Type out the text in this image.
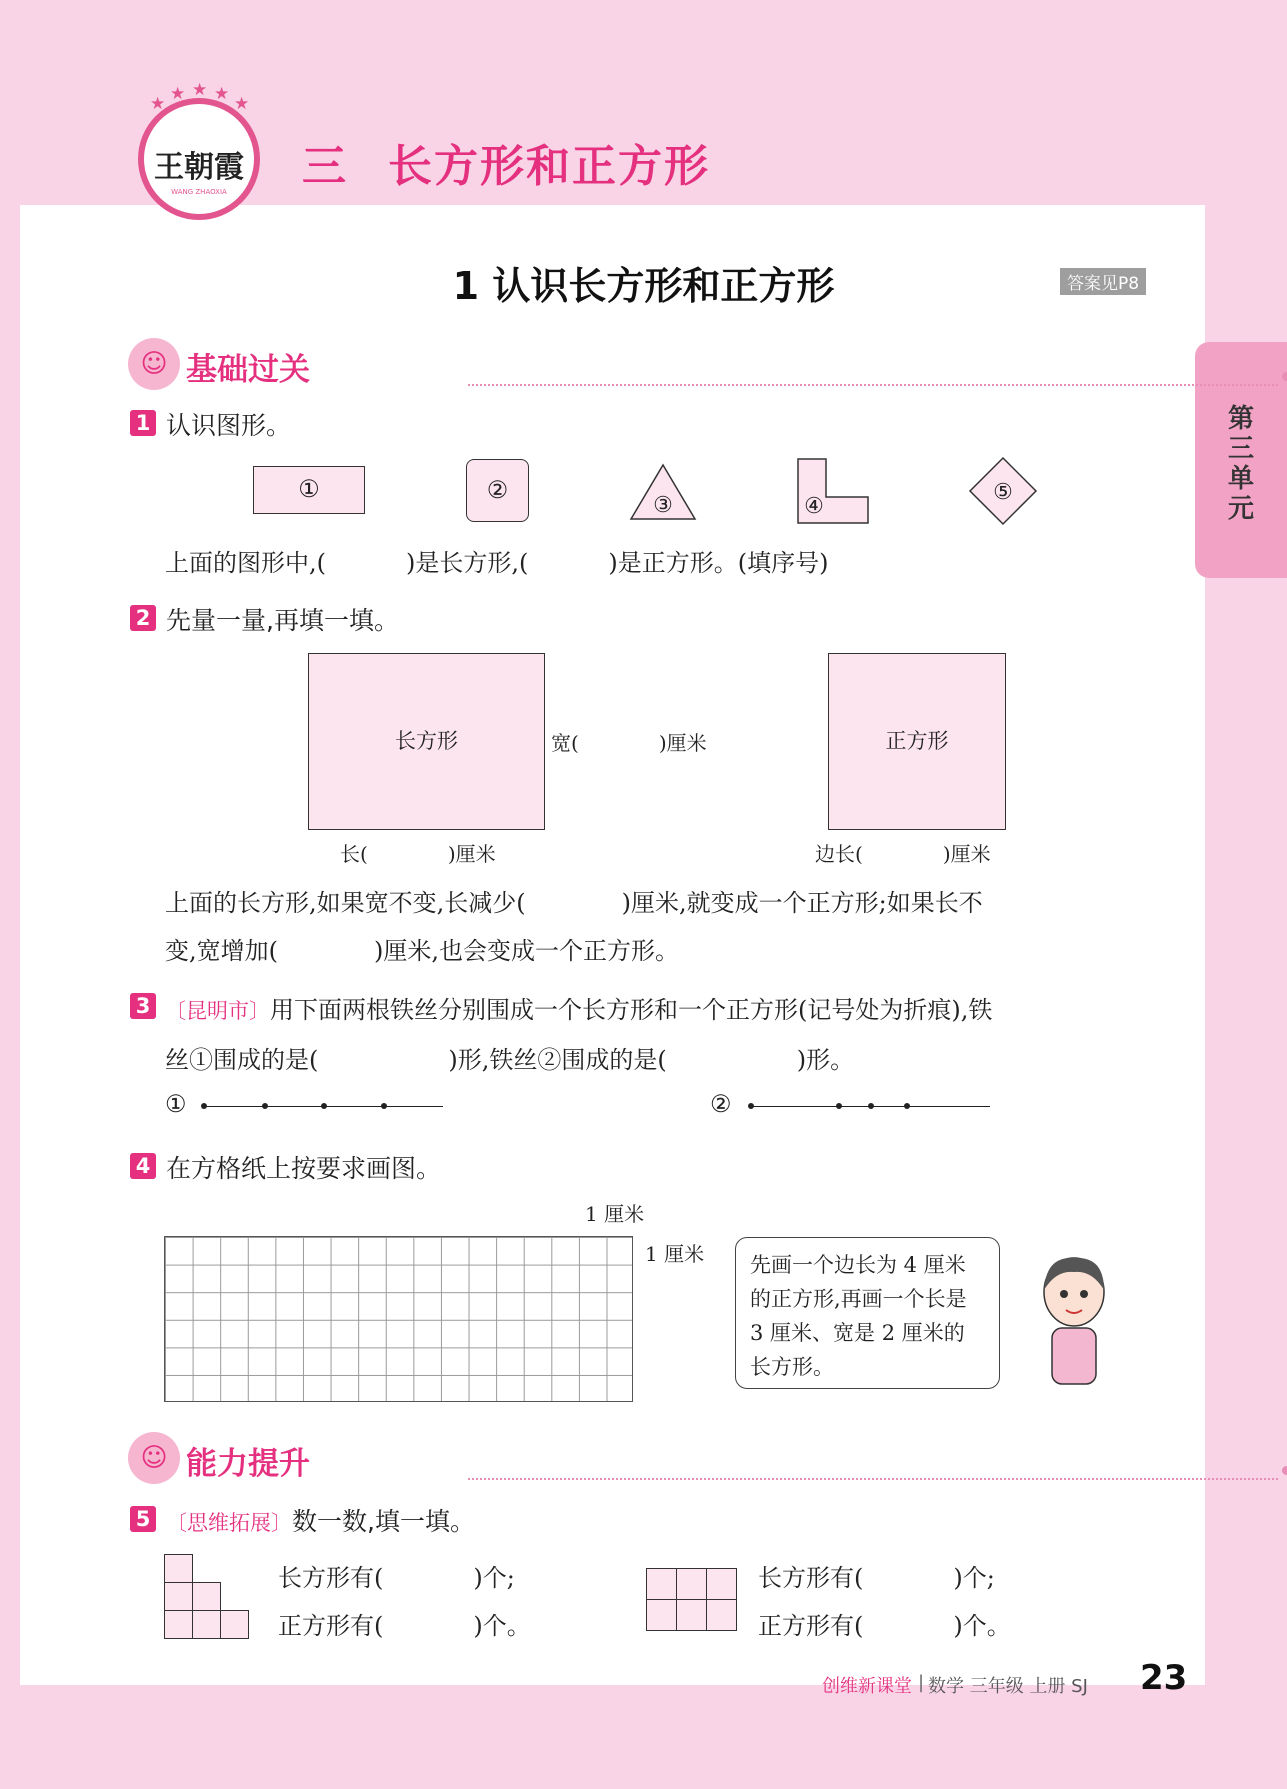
王朝霞
WANG ZHAOXIA
★ ★ ★ ★ ★
三 长方形和正方形
1 认识长方形和正方形	答案见P8
第
三
单
元
☺ 基础过关
1 认识图形。
①	②
③	④
⑤
上面的图形中,(	)是长方形,(	)是正方形。(填序号)
2 先量一量,再填一填。
长方形	宽(	)厘米
长(	)厘米
正方形
边长(	)厘米
上面的长方形,如果宽不变,长减少(	)厘米,就变成一个正方形;如果长不
变,宽增加(	)厘米,也会变成一个正方形。
3 〔昆明市〕用下面两根铁丝分别围成一个长方形和一个正方形(记号处为折痕),铁
丝①围成的是(	)形,铁丝②围成的是(	)形。
①	②
4 在方格纸上按要求画图。
1 厘米
1 厘米	先画一个边长为 4 厘米的正方形,再画一个长是 3 厘米、宽是 2 厘米的长方形。
☺ 能力提升
5 〔思维拓展〕数一数,填一填。
长方形有(	)个;
正方形有(	)个。
长方形有(	)个;
正方形有(	)个。
创维新课堂 | 数学 三年级 上册 SJ 23
